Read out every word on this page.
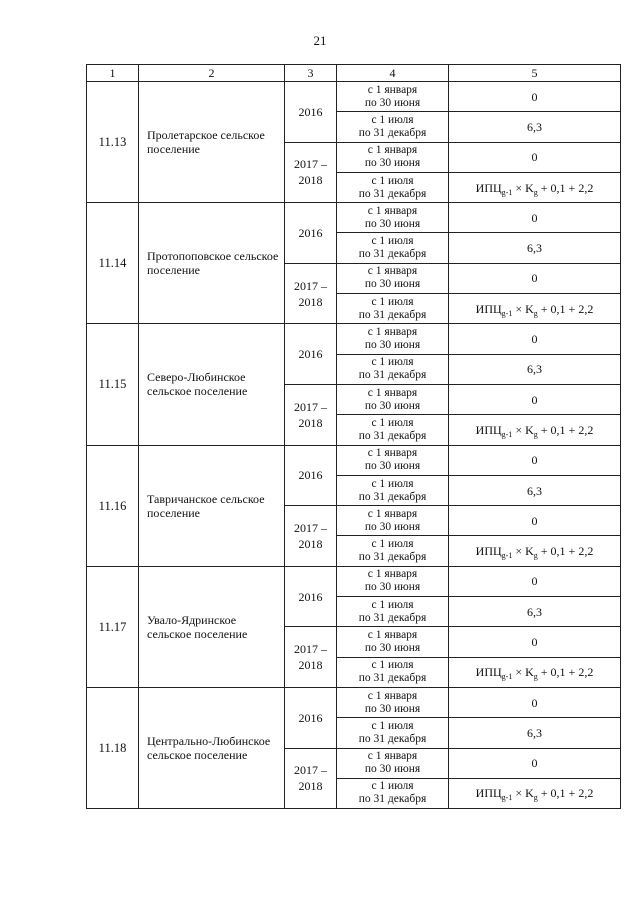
21
1	2	3	4	5
11.13	Пролетарское сельское поселение	2016	с 1 января
по 30 июня	0
			с 1 июля
по 31 декабря	6,3
		2017 – 2018	с 1 января
по 30 июня	0
			с 1 июля
по 31 декабря	$ИПЦ_{g-1} \times K_g + 0,1 + 2,2$
11.14	Протопоповское сельское поселение	2016	с 1 января
по 30 июня	0
			с 1 июля
по 31 декабря	6,3
		2017 – 2018	с 1 января
по 30 июня	0
			с 1 июля
по 31 декабря	$ИПЦ_{g-1} \times K_g + 0,1 + 2,2$
11.15	Северо-Любинское сельское поселение	2016	с 1 января
по 30 июня	0
			с 1 июля
по 31 декабря	6,3
		2017 – 2018	с 1 января
по 30 июня	0
			с 1 июля
по 31 декабря	$ИПЦ_{g-1} \times K_g + 0,1 + 2,2$
11.16	Тавричанское сельское поселение	2016	с 1 января
по 30 июня	0
			с 1 июля
по 31 декабря	6,3
		2017 – 2018	с 1 января
по 30 июня	0
			с 1 июля
по 31 декабря	$ИПЦ_{g-1} \times K_g + 0,1 + 2,2$
11.17	Увало-Ядринское сельское поселение	2016	с 1 января
по 30 июня	0
			с 1 июля
по 31 декабря	6,3
		2017 – 2018	с 1 января
по 30 июня	0
			с 1 июля
по 31 декабря	$ИПЦ_{g-1} \times K_g + 0,1 + 2,2$
11.18	Центрально-Любинское сельское поселение	2016	с 1 января
по 30 июня	0
			с 1 июля
по 31 декабря	6,3
		2017 – 2018	с 1 января
по 30 июня	0
			с 1 июля
по 31 декабря	$ИПЦ_{g-1} \times K_g + 0,1 + 2,2$
